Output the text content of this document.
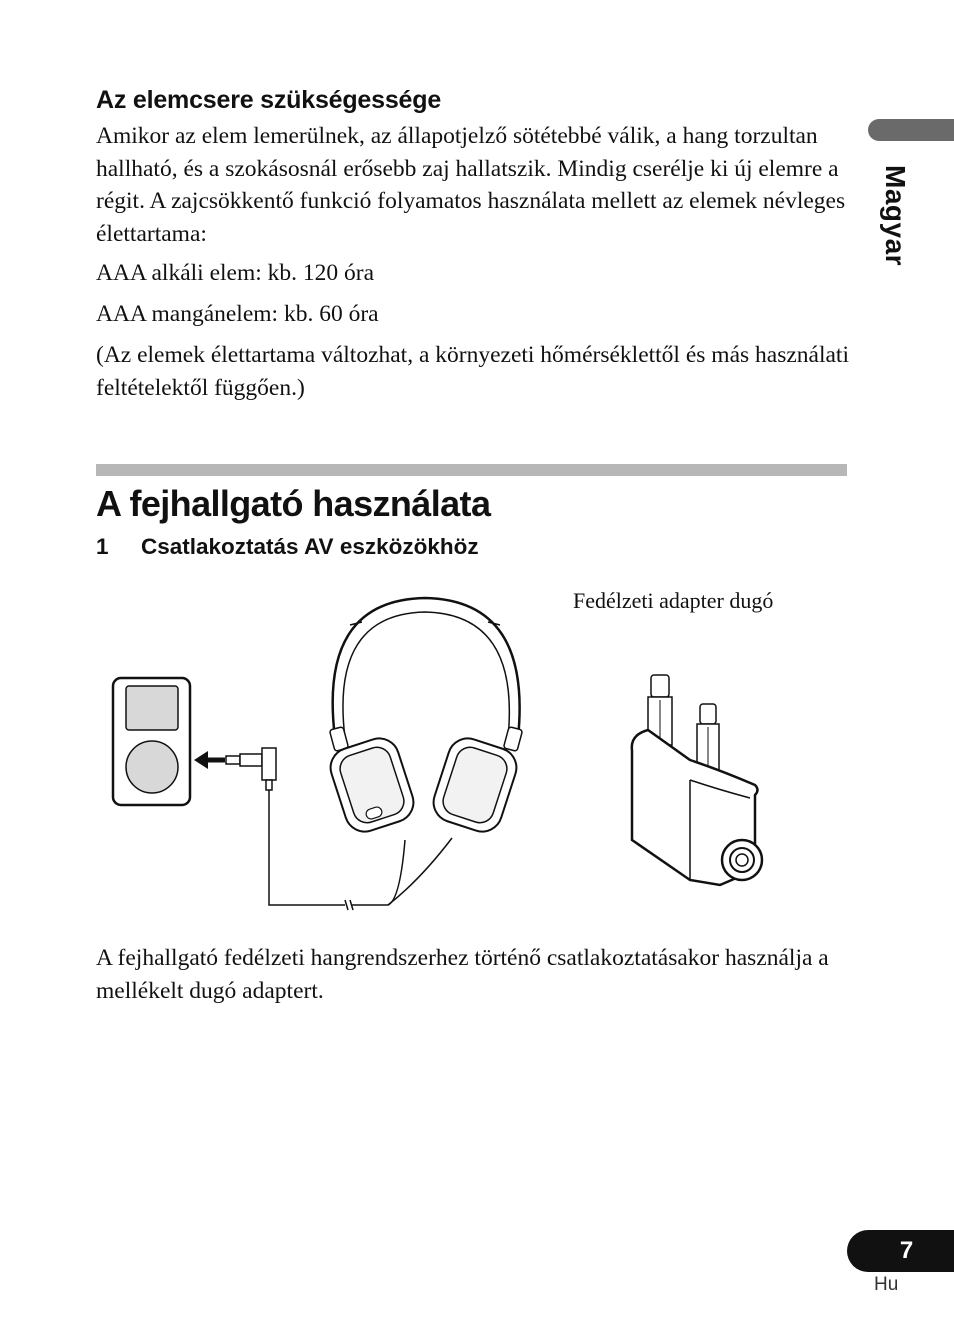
Az elemcsere szükségessége

Amikor az elem lemerülnek, az állapotjelző sötétebbé válik, a hang torzultan hallható, és a szokásosnál erősebb zaj hallatszik. Mindig cserélje ki új elemre a régit. A zajcsökkentő funkció folyamatos használata mellett az elemek névleges élettartama:

AAA alkáli elem: kb. 120 óra

AAA mangánelem: kb. 60 óra

(Az elemek élettartama változhat, a környezeti hőmérséklettől és más használati feltételektől függően.)

A fejhallgató használata
1 Csatlakoztatás AV eszközökhöz
Fedélzeti adapter dugó

A fejhallgató fedélzeti hangrendszerhez történő csatlakoztatásakor használja a mellékelt dugó adaptert.

Magyar
7
Hu
